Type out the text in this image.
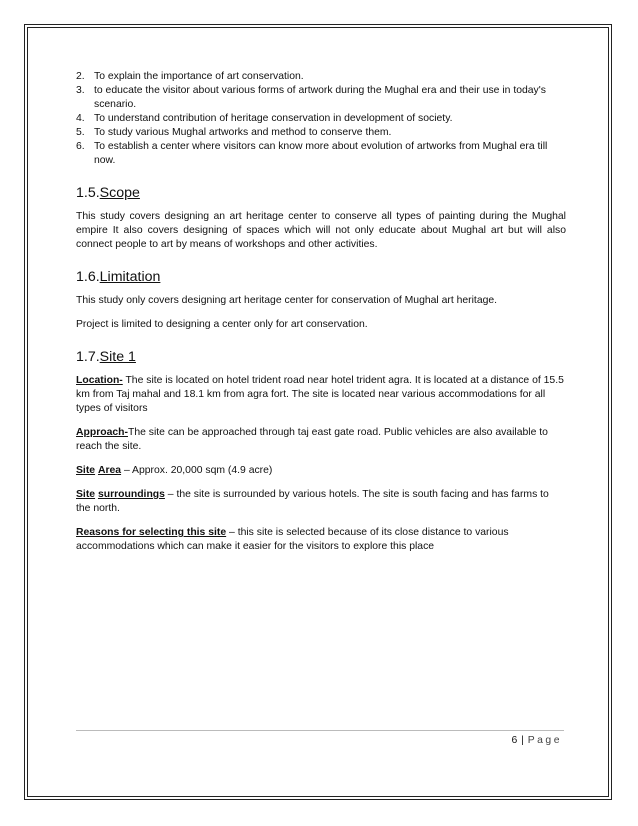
2. To explain the importance of art conservation.
3. to educate the visitor about various forms of artwork during the Mughal era and their use in today's scenario.
4. To understand contribution of heritage conservation in development of society.
5. To study various Mughal artworks and method to conserve them.
6. To establish a center where visitors can know more about evolution of artworks from Mughal era till now.
1.5.Scope

This study covers designing an art heritage center to conserve all types of painting during the Mughal empire It also covers designing of spaces which will not only educate about Mughal art but will also connect people to art by means of workshops and other activities.

1.6.Limitation

This study only covers designing art heritage center for conservation of Mughal art heritage.

Project is limited to designing a center only for art conservation.

1.7.Site 1

Location- The site is located on hotel trident road near hotel trident agra. It is located at a distance of 15.5 km from Taj mahal and 18.1 km from agra fort. The site is located near various accommodations for all types of visitors

Approach-The site can be approached through taj east gate road. Public vehicles are also available to reach the site.

Site Area – Approx. 20,000 sqm (4.9 acre)

Site surroundings – the site is surrounded by various hotels. The site is south facing and has farms to the north.

Reasons for selecting this site – this site is selected because of its close distance to various accommodations which can make it easier for the visitors to explore this place

6 | Page
